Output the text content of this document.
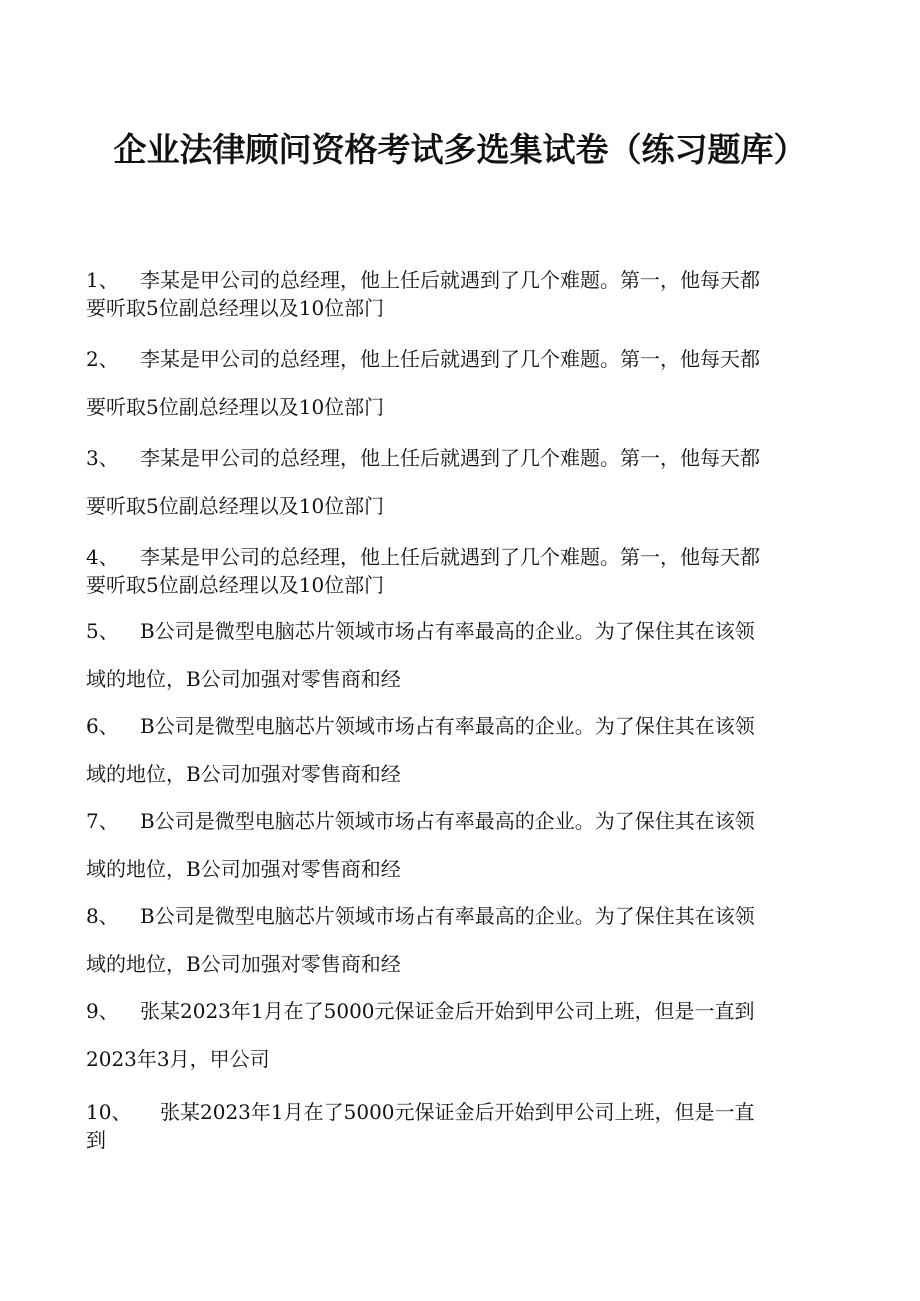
企业法律顾问资格考试多选集试卷（练习题库）
1、 李某是甲公司的总经理，他上任后就遇到了几个难题。第一，他每天都
要听取5位副总经理以及10位部门
2、 李某是甲公司的总经理，他上任后就遇到了几个难题。第一，他每天都
要听取5位副总经理以及10位部门
3、 李某是甲公司的总经理，他上任后就遇到了几个难题。第一，他每天都
要听取5位副总经理以及10位部门
4、 李某是甲公司的总经理，他上任后就遇到了几个难题。第一，他每天都
要听取5位副总经理以及10位部门
5、 B公司是微型电脑芯片领域市场占有率最高的企业。为了保住其在该领
域的地位，B公司加强对零售商和经
6、 B公司是微型电脑芯片领域市场占有率最高的企业。为了保住其在该领
域的地位，B公司加强对零售商和经
7、 B公司是微型电脑芯片领域市场占有率最高的企业。为了保住其在该领
域的地位，B公司加强对零售商和经
8、 B公司是微型电脑芯片领域市场占有率最高的企业。为了保住其在该领
域的地位，B公司加强对零售商和经
9、 张某2023年1月在了5000元保证金后开始到甲公司上班，但是一直到
2023年3月，甲公司
10、 张某2023年1月在了5000元保证金后开始到甲公司上班，但是一直
到
